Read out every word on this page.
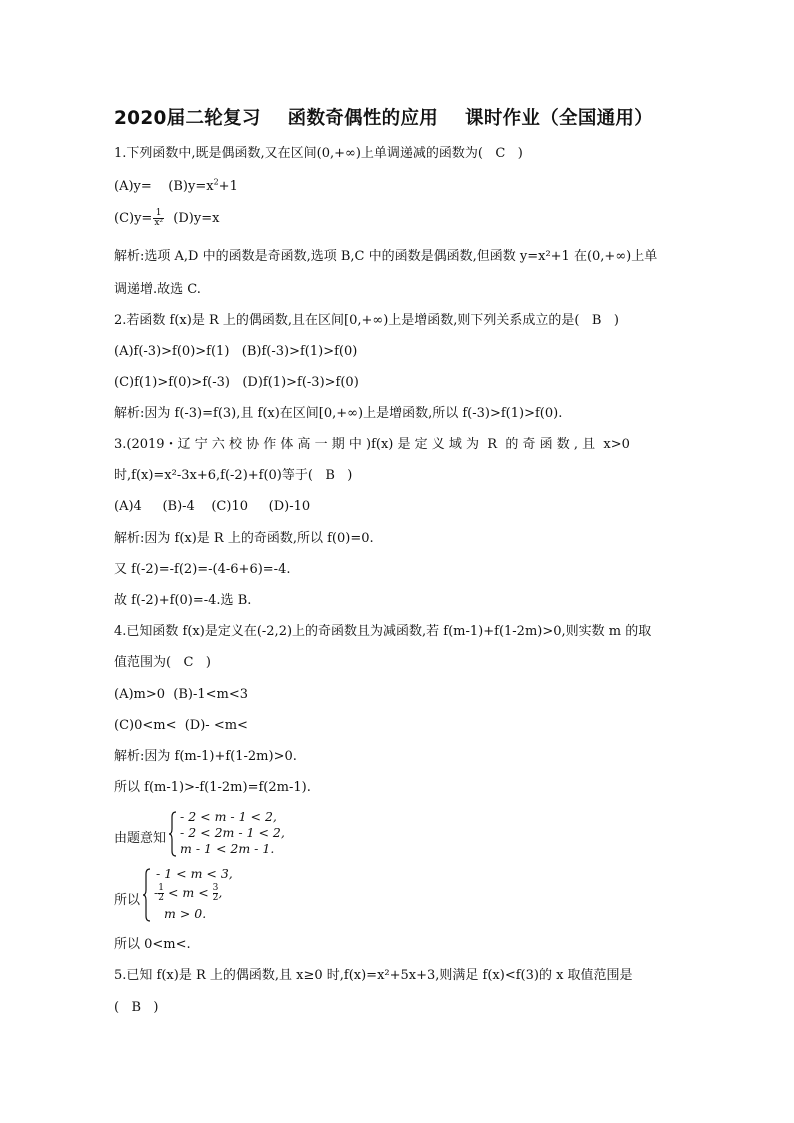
2020届二轮复习    函数奇偶性的应用    课时作业（全国通用）
1.下列函数中,既是偶函数,又在区间(0,+∞)上单调递减的函数为(   C   )
(A)y=    $(B)y=x^2+1$
$(C)y= \frac{1}{\text{x²}} (D)y=x$
解析:选项 A,D 中的函数是奇函数,选项 B,C 中的函数是偶函数,但函数 y=x²+1 在(0,+∞)上单
调递增.故选 C.
2.若函数 f(x)是 R 上的偶函数,且在区间[0,+∞)上是增函数,则下列关系成立的是(   B   )
(A)f(-3)>f(0)>f(1)   (B)f(-3)>f(1)>f(0)
(C)f(1)>f(0)>f(-3)   (D)f(1)>f(-3)>f(0)
解析:因为 f(-3)=f(3),且 f(x)在区间[0,+∞)上是增函数,所以 f(-3)>f(1)>f(0).
3.(2019・辽 宁 六 校 协 作 体 高 一 期 中 )f(x) 是 定 义 域 为  R  的 奇 函 数 , 且  x>0
时,f(x)=x²-3x+6,f(-2)+f(0)等于(   B   )
(A)4     (B)-4    (C)10     (D)-10
解析:因为 f(x)是 R 上的奇函数,所以 f(0)=0.
又 f(-2)=-f(2)=-(4-6+6)=-4.
故 f(-2)+f(0)=-4.选 B.
4.已知函数 f(x)是定义在(-2,2)上的奇函数且为减函数,若 f(m-1)+f(1-2m)>0,则实数 m 的取
值范围为(   C   )
(A)m>0  (B)-1<m<3
(C)0<m<  (D)- <m<
解析:因为 f(m-1)+f(1-2m)>0.
所以 f(m-1)>-f(1-2m)=f(2m-1).
由题意知
- 2 < m - 1 < 2,
- 2 < 2m - 1 < 2,
m - 1 < 2m - 1.
所以
- 1 < m < 3,
- $\frac{1}{2} < m < \frac{3}{2}$ ,
m > 0.
所以 0<m<.
5.已知 f(x)是 R 上的偶函数,且 x≥0 时,f(x)=x²+5x+3,则满足 f(x)<f(3)的 x 取值范围是
(   B   )
